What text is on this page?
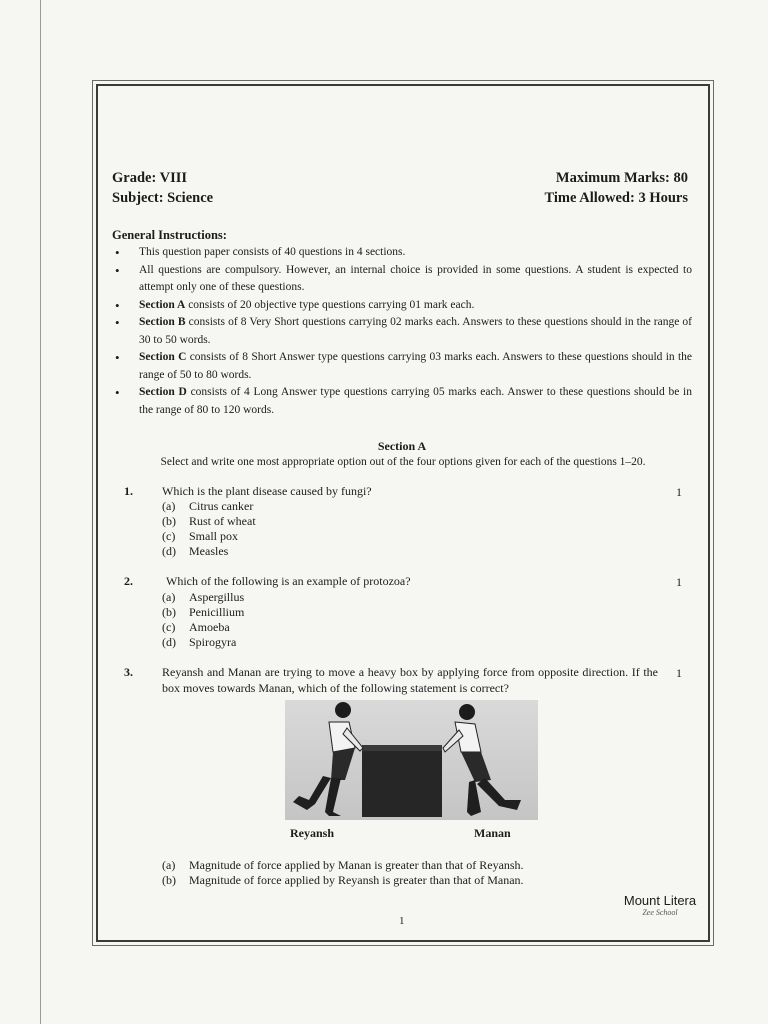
Grade: VIII
Subject: Science
Maximum Marks: 80
Time Allowed: 3 Hours
General Instructions:
• This question paper consists of 40 questions in 4 sections.
• All questions are compulsory. However, an internal choice is provided in some questions. A student is expected to attempt only one of these questions.
• Section A consists of 20 objective type questions carrying 01 mark each.
• Section B consists of 8 Very Short questions carrying 02 marks each. Answers to these questions should in the range of 30 to 50 words.
• Section C consists of 8 Short Answer type questions carrying 03 marks each. Answers to these questions should in the range of 50 to 80 words.
• Section D consists of 4 Long Answer type questions carrying 05 marks each. Answer to these questions should be in the range of 80 to 120 words.
Section A
Select and write one most appropriate option out of the four options given for each of the questions 1–20.
1. Which is the plant disease caused by fungi?	1
(a)	Citrus canker
(b)	Rust of wheat
(c)	Small pox
(d)	Measles
2.	Which of the following is an example of protozoa?	1
(a)	Aspergillus
(b)	Penicillium
(c)	Amoeba
(d)	Spirogyra
3. Reyansh and Manan are trying to move a heavy box by applying force from opposite direction. If the box moves towards Manan, which of the following statement is correct?
1
Reyansh	Manan
(a)	Magnitude of force applied by Manan is greater than that of Reyansh.
(b)	Magnitude of force applied by Reyansh is greater than that of Manan.
1
Mount Litera
Zee School
